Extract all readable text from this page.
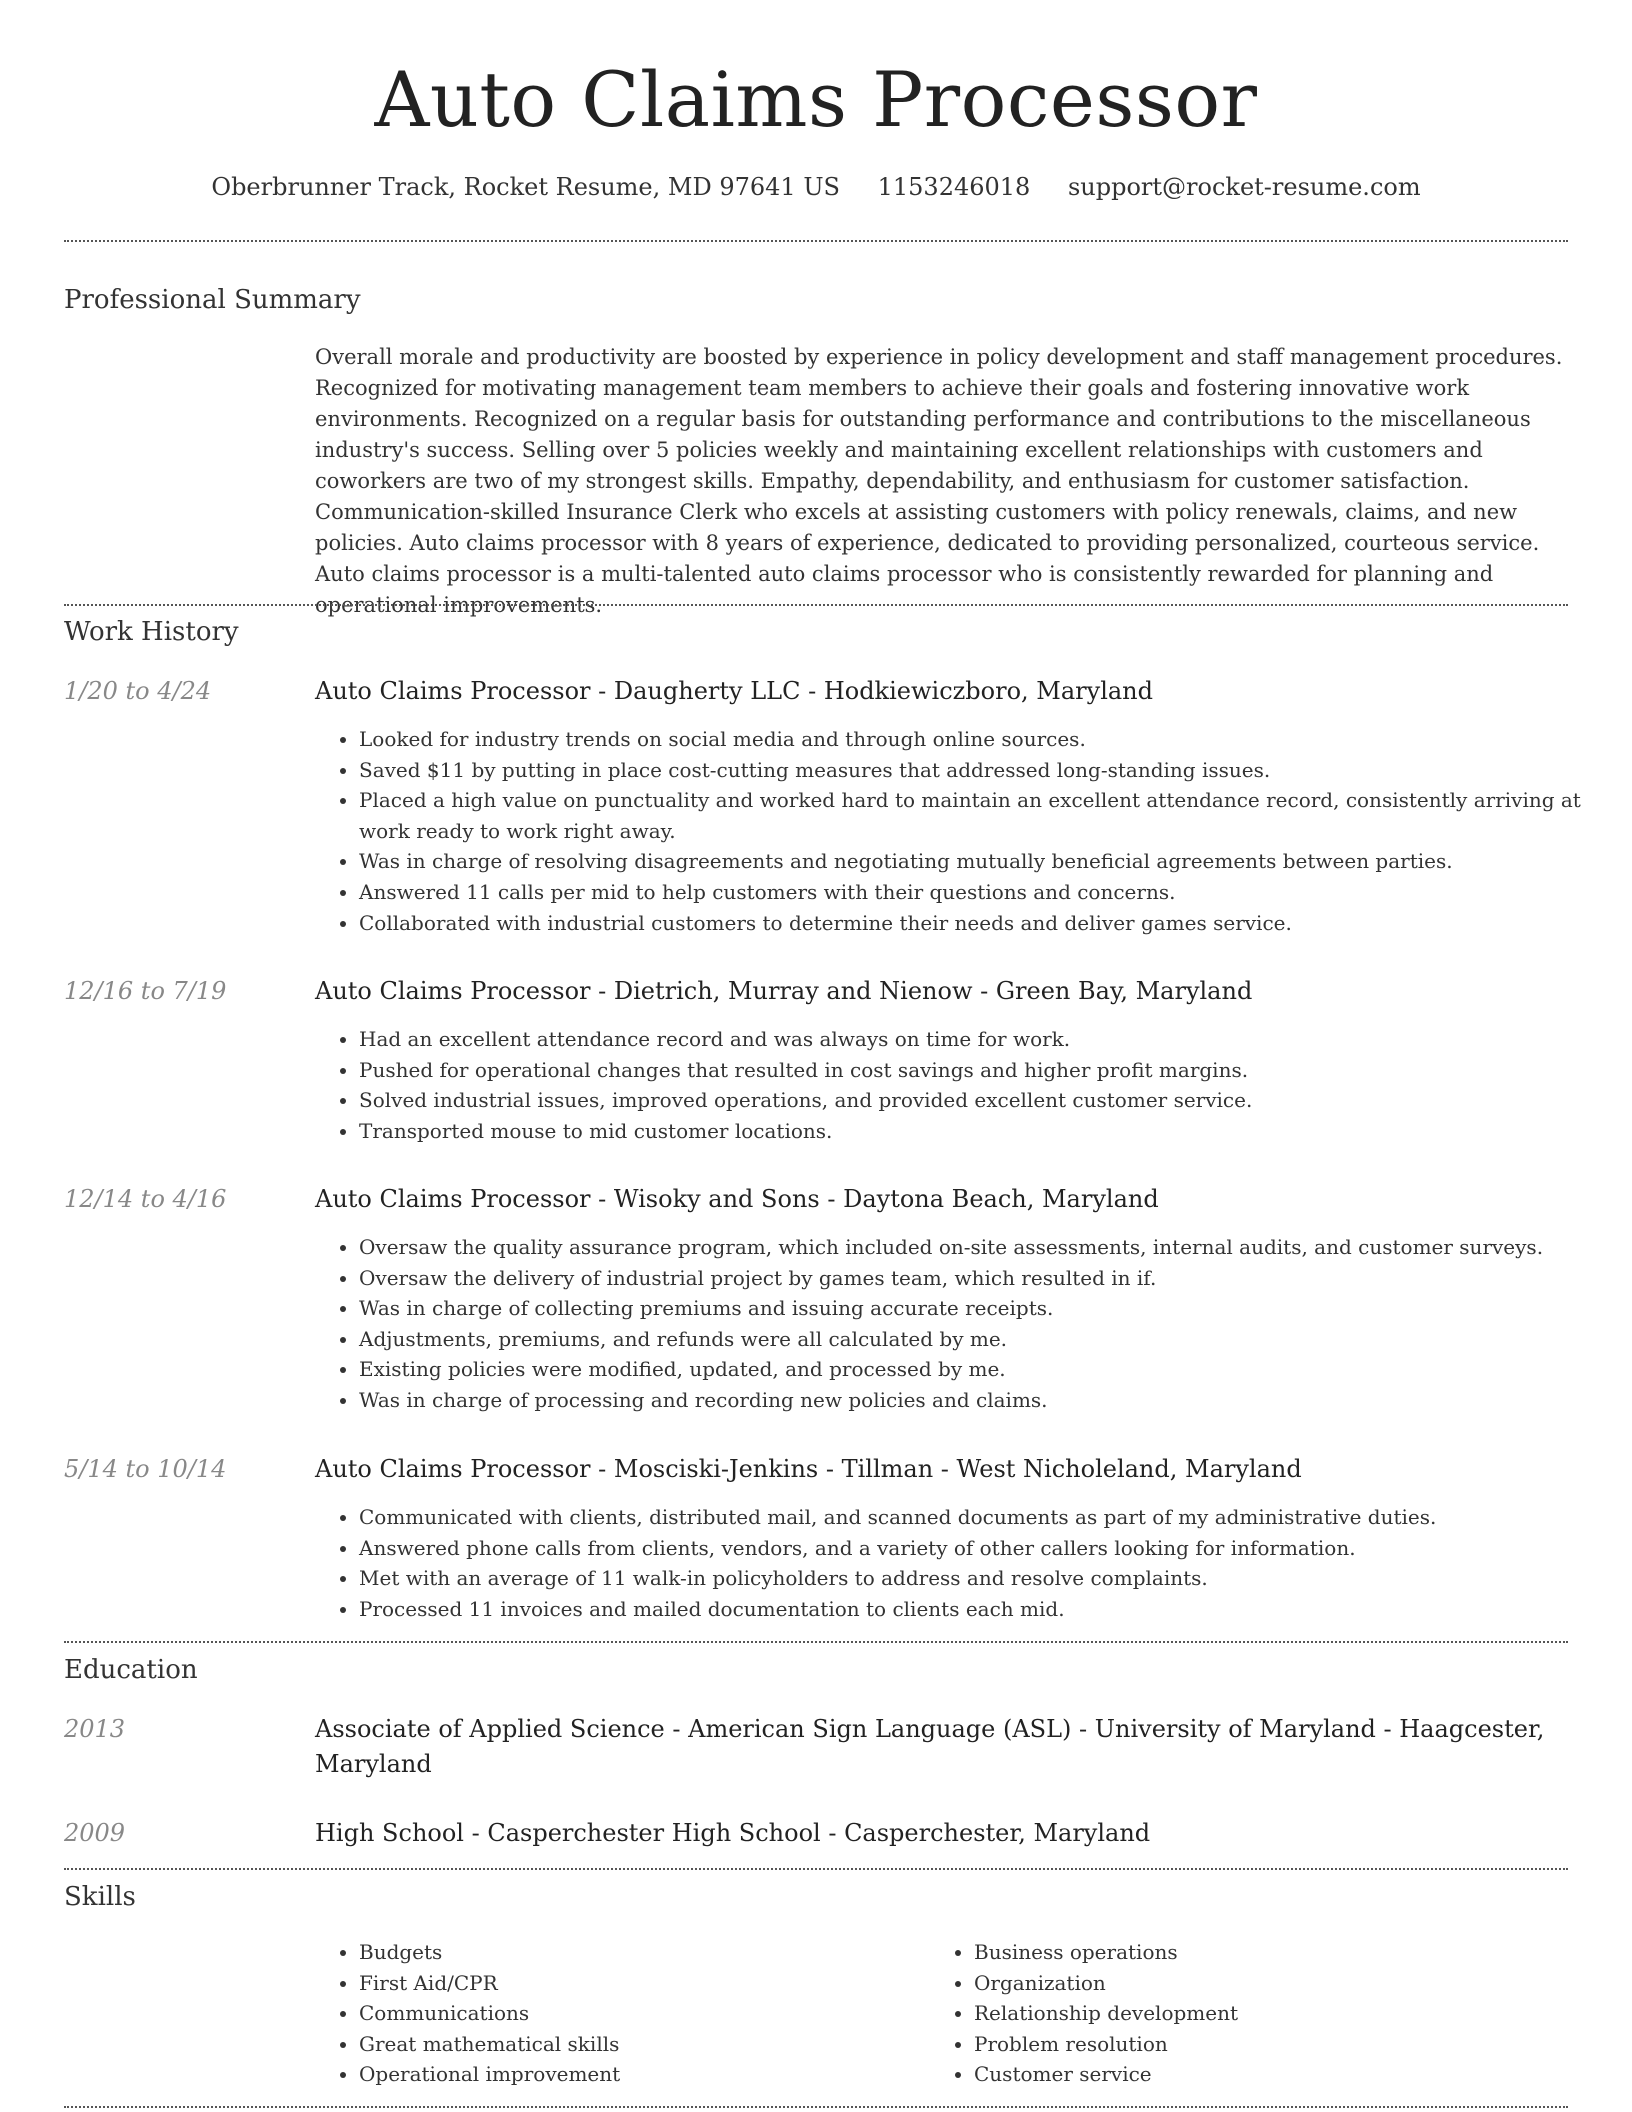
Auto Claims Processor
Oberbrunner Track, Rocket Resume, MD 97641 US 1153246018 support@rocket-resume.com
Professional Summary
Overall morale and productivity are boosted by experience in policy development and staff management procedures. Recognized for motivating management team members to achieve their goals and fostering innovative work environments. Recognized on a regular basis for outstanding performance and contributions to the miscellaneous industry's success. Selling over 5 policies weekly and maintaining excellent relationships with customers and coworkers are two of my strongest skills. Empathy, dependability, and enthusiasm for customer satisfaction. Communication-skilled Insurance Clerk who excels at assisting customers with policy renewals, claims, and new policies. Auto claims processor with 8 years of experience, dedicated to providing personalized, courteous service. Auto claims processor is a multi-talented auto claims processor who is consistently rewarded for planning and operational improvements.
Work History
1/20 to 4/24	Auto Claims Processor - Daugherty LLC - Hodkiewiczboro, Maryland
• Looked for industry trends on social media and through online sources.
• Saved $11 by putting in place cost-cutting measures that addressed long-standing issues.
• Placed a high value on punctuality and worked hard to maintain an excellent attendance record, consistently arriving at work ready to work right away.
• Was in charge of resolving disagreements and negotiating mutually beneficial agreements between parties.
• Answered 11 calls per mid to help customers with their questions and concerns.
• Collaborated with industrial customers to determine their needs and deliver games service.
12/16 to 7/19	Auto Claims Processor - Dietrich, Murray and Nienow - Green Bay, Maryland
• Had an excellent attendance record and was always on time for work.
• Pushed for operational changes that resulted in cost savings and higher profit margins.
• Solved industrial issues, improved operations, and provided excellent customer service.
• Transported mouse to mid customer locations.
12/14 to 4/16	Auto Claims Processor - Wisoky and Sons - Daytona Beach, Maryland
• Oversaw the quality assurance program, which included on-site assessments, internal audits, and customer surveys.
• Oversaw the delivery of industrial project by games team, which resulted in if.
• Was in charge of collecting premiums and issuing accurate receipts.
• Adjustments, premiums, and refunds were all calculated by me.
• Existing policies were modified, updated, and processed by me.
• Was in charge of processing and recording new policies and claims.
5/14 to 10/14	Auto Claims Processor - Mosciski-Jenkins - Tillman - West Nicholeland, Maryland
• Communicated with clients, distributed mail, and scanned documents as part of my administrative duties.
• Answered phone calls from clients, vendors, and a variety of other callers looking for information.
• Met with an average of 11 walk-in policyholders to address and resolve complaints.
• Processed 11 invoices and mailed documentation to clients each mid.
Education
2013	Associate of Applied Science - American Sign Language (ASL) - University of Maryland - Haagcester, Maryland
2009	High School - Casperchester High School - Casperchester, Maryland
Skills
• Budgets
• First Aid/CPR
• Communications
• Great mathematical skills
• Operational improvement
• Business operations
• Organization
• Relationship development
• Problem resolution
• Customer service
